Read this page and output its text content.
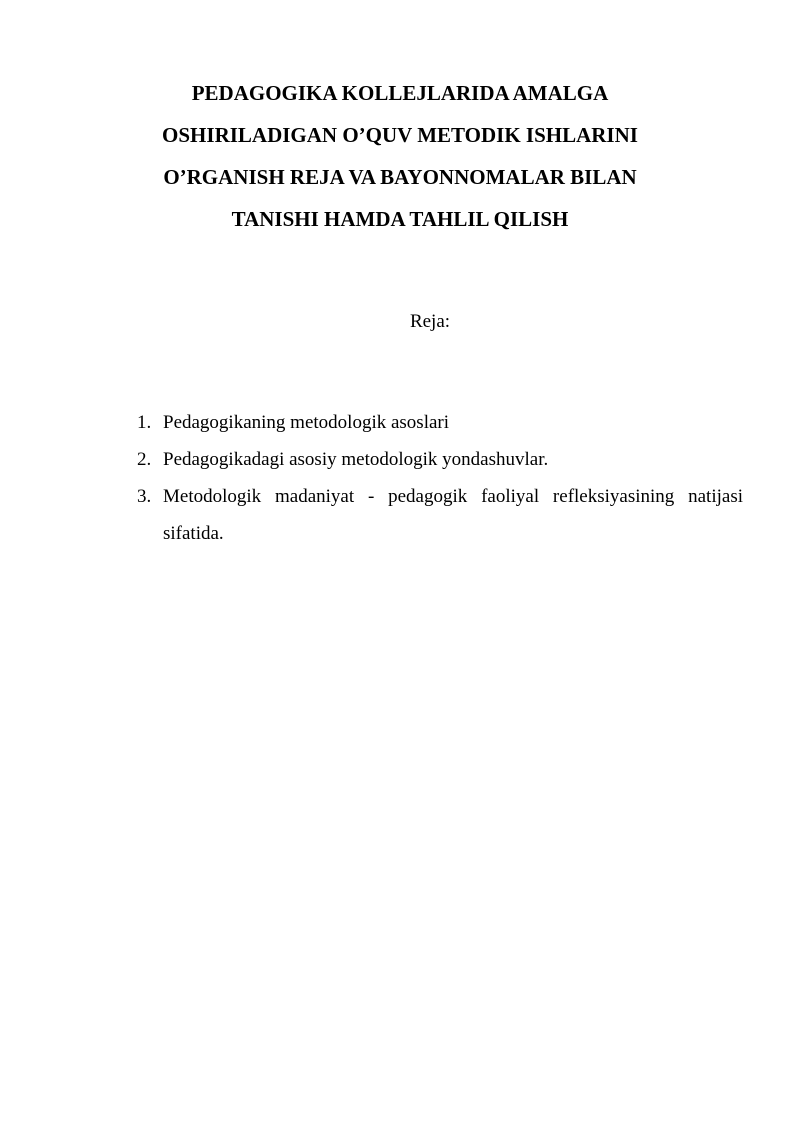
PEDAGOGIKA KOLLEJLARIDA AMALGA
OSHIRILADIGAN O’QUV METODIK ISHLARINI
O’RGANISH REJA VA BAYONNOMALAR BILAN
TANISHI HAMDA TAHLIL QILISH

Reja:

1. Pedagogikaning metodologik asoslari
2. Pedagogikadagi asosiy metodologik yondashuvlar.
3. Metodologik madaniyat - pedagogik faoliyal refleksiyasining natijasi sifatida.
